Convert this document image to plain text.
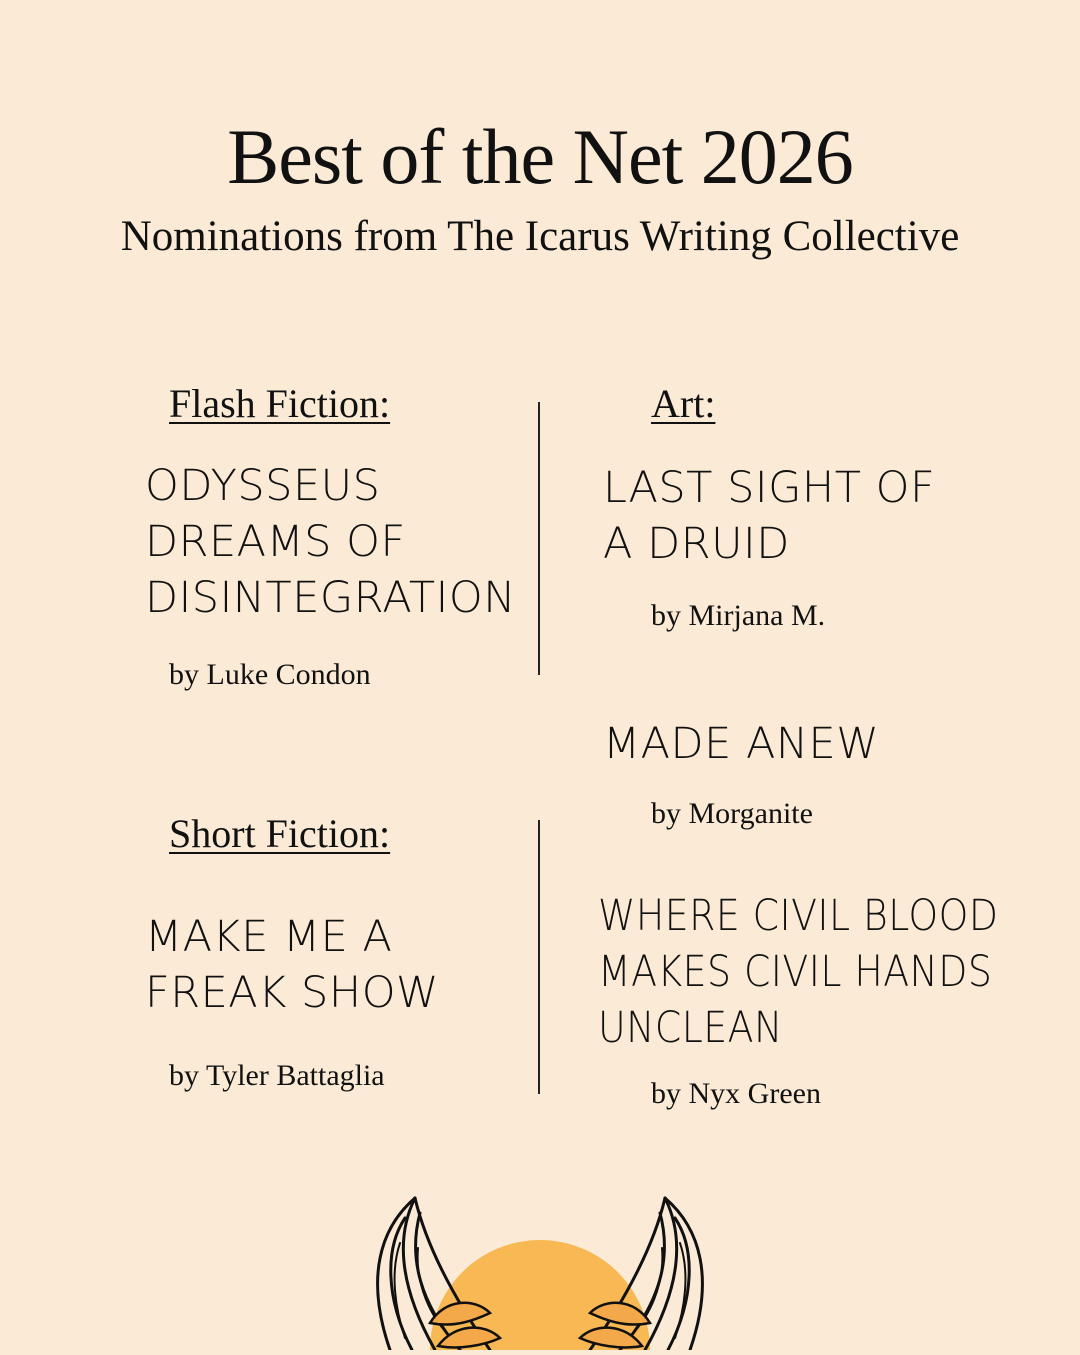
Best of the Net 2026
Nominations from The Icarus Writing Collective
Flash Fiction:
ODYSSEUS
DREAMS OF
DISINTEGRATION
by Luke Condon
Short Fiction:
MAKE ME A
FREAK SHOW
by Tyler Battaglia
Art:
LAST SIGHT OF
A DRUID
by Mirjana M.
MADE ANEW
by Morganite
WHERE CIVIL BLOOD
MAKES CIVIL HANDS
UNCLEAN
by Nyx Green
